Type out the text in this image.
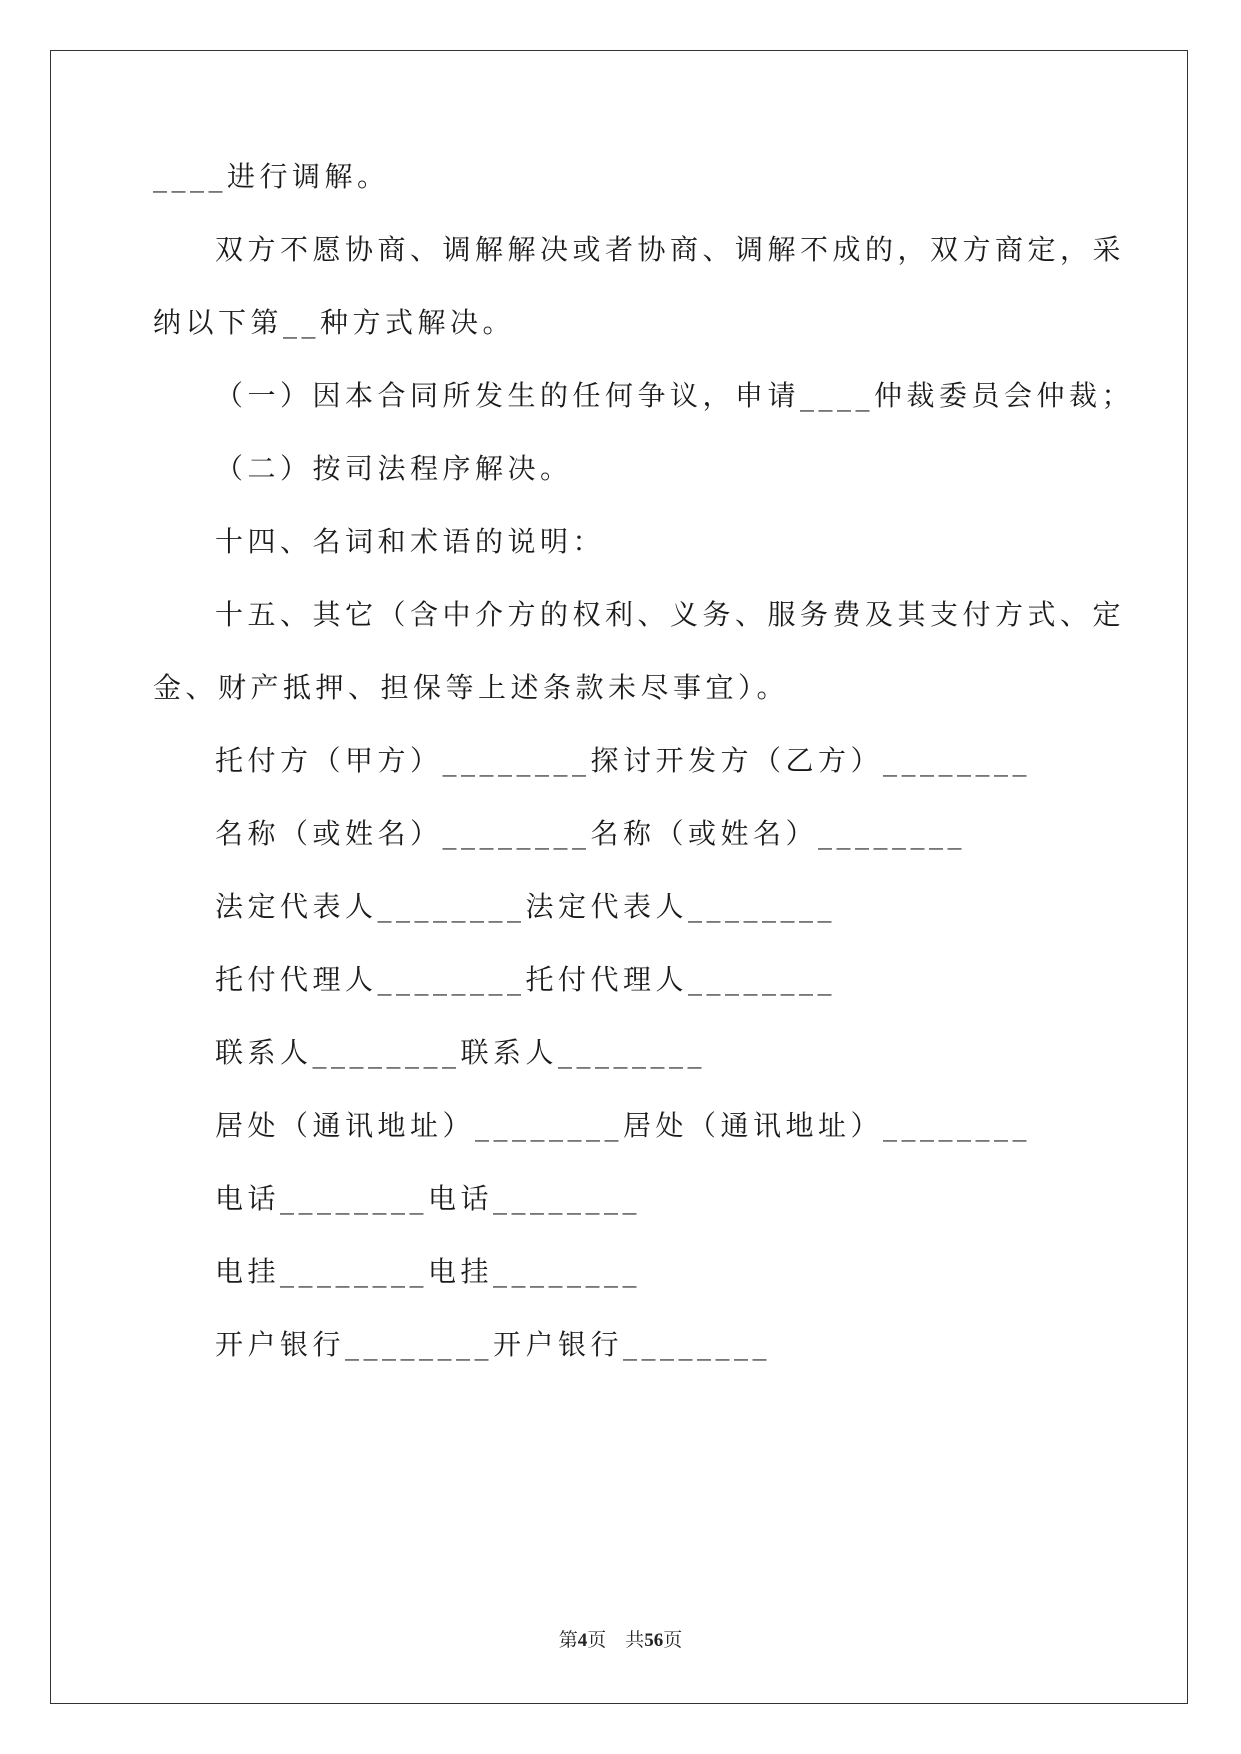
____进行调解。
双方不愿协商、调解解决或者协商、调解不成的，双方商定，采
纳以下第__种方式解决。
（一）因本合同所发生的任何争议，申请____仲裁委员会仲裁；
（二）按司法程序解决。
十四、名词和术语的说明：
十五、其它（含中介方的权利、义务、服务费及其支付方式、定
金、财产抵押、担保等上述条款未尽事宜）。
托付方（甲方）________探讨开发方（乙方）________
名称（或姓名）________名称（或姓名）________
法定代表人________法定代表人________
托付代理人________托付代理人________
联系人________联系人________
居处（通讯地址）________居处（通讯地址）________
电话________电话________
电挂________电挂________
开户银行________开户银行________
第4页 共56页
